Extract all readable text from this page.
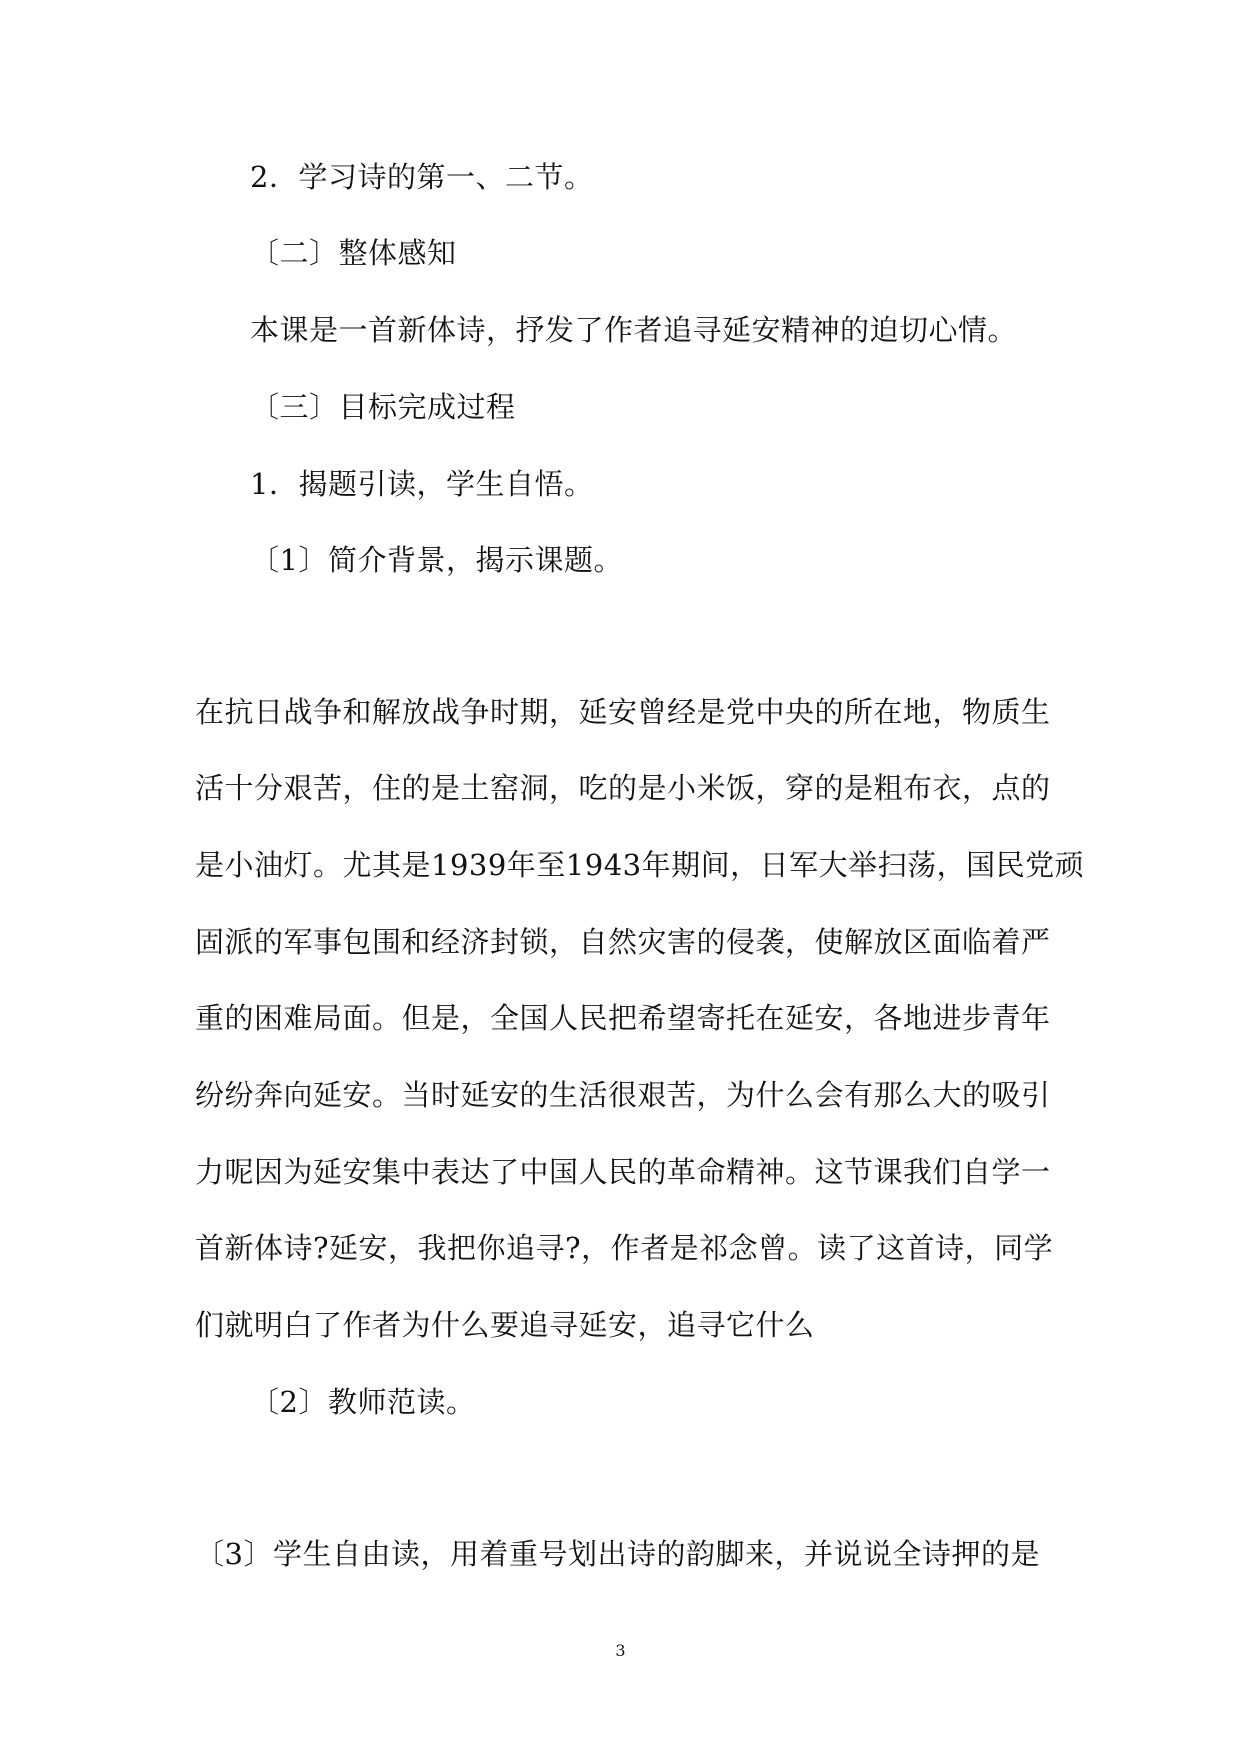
2．学习诗的第一、二节。
〔二〕整体感知
本课是一首新体诗，抒发了作者追寻延安精神的迫切心情。
〔三〕目标完成过程
1．揭题引读，学生自悟。
〔1〕简介背景，揭示课题。
在抗日战争和解放战争时期，延安曾经是党中央的所在地，物质生
活十分艰苦，住的是土窑洞，吃的是小米饭，穿的是粗布衣，点的
是小油灯。尤其是1939年至1943年期间，日军大举扫荡，国民党顽
固派的军事包围和经济封锁，自然灾害的侵袭，使解放区面临着严
重的困难局面。但是，全国人民把希望寄托在延安，各地进步青年
纷纷奔向延安。当时延安的生活很艰苦，为什么会有那么大的吸引
力呢因为延安集中表达了中国人民的革命精神。这节课我们自学一
首新体诗?延安，我把你追寻?，作者是祁念曾。读了这首诗，同学
们就明白了作者为什么要追寻延安，追寻它什么
〔2〕教师范读。
〔3〕学生自由读，用着重号划出诗的韵脚来，并说说全诗押的是
3
